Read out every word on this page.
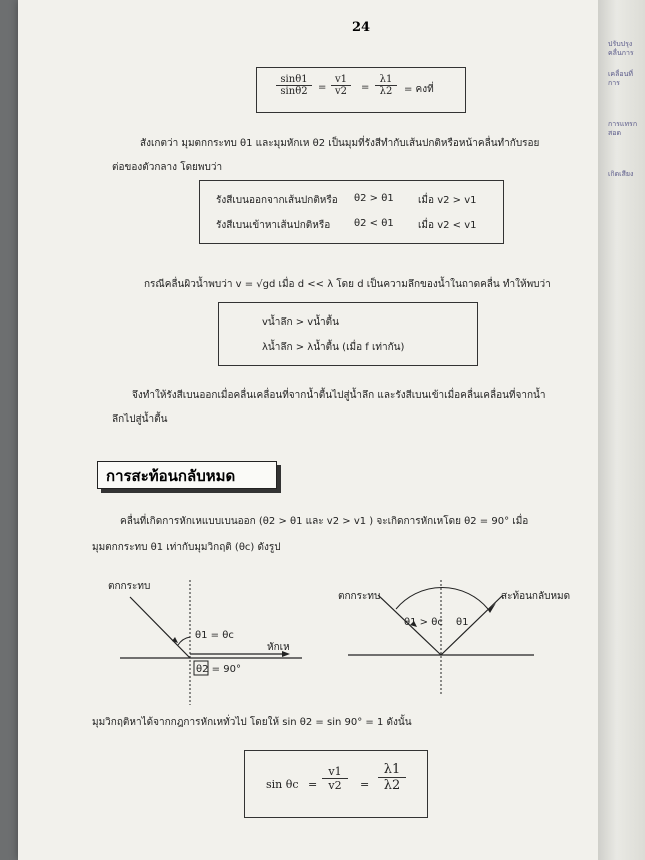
24
$\frac{\sin\theta 1}{\sin\theta 2} = \frac{v1}{v2} = \frac{\lambda 1}{\lambda 2}$ = คงที่
สังเกตว่า มุมตกกระทบ θ1 และมุมหักเห θ2 เป็นมุมที่รังสีทำกับเส้นปกติหรือหน้าคลื่นทำกับรอย
ต่อของตัวกลาง โดยพบว่า
รังสีเบนออกจากเส้นปกติหรือ θ2 > θ1 เมื่อ v2 > v1
รังสีเบนเข้าหาเส้นปกติหรือ θ2 < θ1 เมื่อ v2 < v1
กรณีคลื่นผิวน้ำพบว่า v = √gd เมื่อ d << λ โดย d เป็นความลึกของน้ำในถาดคลื่น ทำให้พบว่า
vน้ำลึก > vน้ำตื้น
λน้ำลึก > λน้ำตื้น (เมื่อ f เท่ากัน)
จึงทำให้รังสีเบนออกเมื่อคลื่นเคลื่อนที่จากน้ำตื้นไปสู่น้ำลึก และรังสีเบนเข้าเมื่อคลื่นเคลื่อนที่จากน้ำ
ลึกไปสู่น้ำตื้น
การสะท้อนกลับหมด
คลื่นที่เกิดการหักเหแบบเบนออก (θ2 > θ1 และ v2 > v1 ) จะเกิดการหักเหโดย θ2 = 90° เมื่อ
มุมตกกระทบ θ1 เท่ากับมุมวิกฤติ (θc) ดังรูป
ตกกระทบ
θ1 = θc
หักเห
θ2 = 90°
ตกกระทบ	สะท้อนกลับหมด
θ1 > θc θ1
มุมวิกฤติหาได้จากกฎการหักเหทั่วไป โดยให้ sin θ2 = sin 90° = 1 ดังนั้น
$\sin \theta c = \frac{v1}{v2} = \frac{\lambda 1}{\lambda 2}$
ปรับปรุงคลื่นการ
เคลื่อนที่การ
การแทรกสอด
เกิดเสียง
